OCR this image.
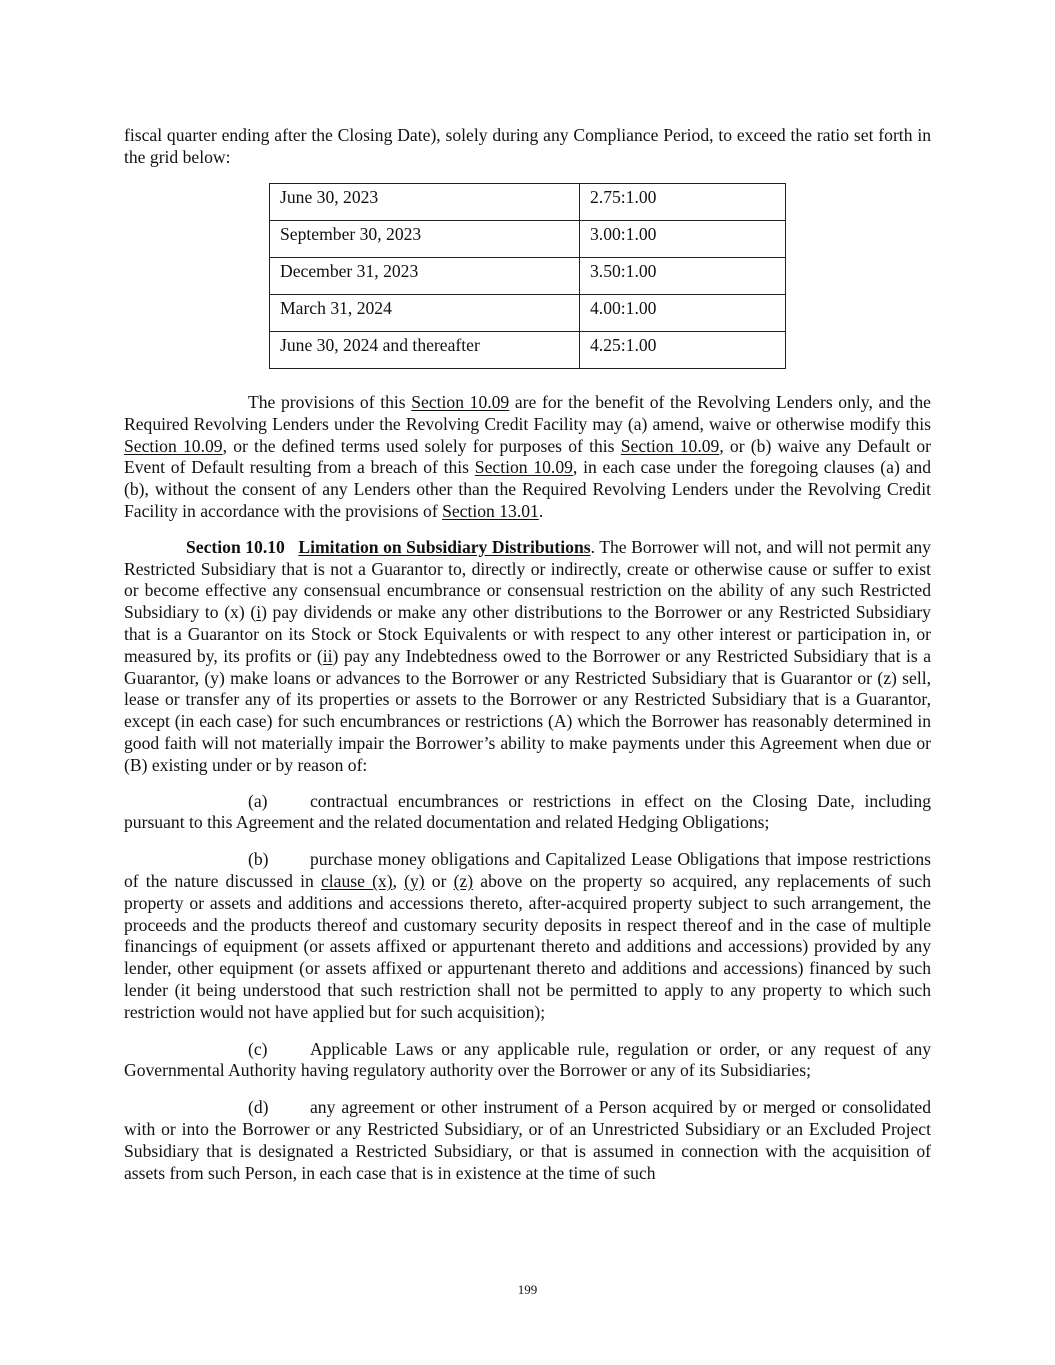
fiscal quarter ending after the Closing Date), solely during any Compliance Period, to exceed the ratio set forth in the grid below:

June 30, 2023	2.75:1.00
September 30, 2023	3.00:1.00
December 31, 2023	3.50:1.00
March 31, 2024	4.00:1.00
June 30, 2024 and thereafter	4.25:1.00

The provisions of this Section 10.09 are for the benefit of the Revolving Lenders only, and the Required Revolving Lenders under the Revolving Credit Facility may (a) amend, waive or otherwise modify this Section 10.09, or the defined terms used solely for purposes of this Section 10.09, or (b) waive any Default or Event of Default resulting from a breach of this Section 10.09, in each case under the foregoing clauses (a) and (b), without the consent of any Lenders other than the Required Revolving Lenders under the Revolving Credit Facility in accordance with the provisions of Section 13.01.

Section 10.10 Limitation on Subsidiary Distributions. The Borrower will not, and will not permit any Restricted Subsidiary that is not a Guarantor to, directly or indirectly, create or otherwise cause or suffer to exist or become effective any consensual encumbrance or consensual restriction on the ability of any such Restricted Subsidiary to (x) (i) pay dividends or make any other distributions to the Borrower or any Restricted Subsidiary that is a Guarantor on its Stock or Stock Equivalents or with respect to any other interest or participation in, or measured by, its profits or (ii) pay any Indebtedness owed to the Borrower or any Restricted Subsidiary that is a Guarantor, (y) make loans or advances to the Borrower or any Restricted Subsidiary that is Guarantor or (z) sell, lease or transfer any of its properties or assets to the Borrower or any Restricted Subsidiary that is a Guarantor, except (in each case) for such encumbrances or restrictions (A) which the Borrower has reasonably determined in good faith will not materially impair the Borrower’s ability to make payments under this Agreement when due or (B) existing under or by reason of:

(a) contractual encumbrances or restrictions in effect on the Closing Date, including pursuant to this Agreement and the related documentation and related Hedging Obligations;

(b) purchase money obligations and Capitalized Lease Obligations that impose restrictions of the nature discussed in clause (x), (y) or (z) above on the property so acquired, any replacements of such property or assets and additions and accessions thereto, after-acquired property subject to such arrangement, the proceeds and the products thereof and customary security deposits in respect thereof and in the case of multiple financings of equipment (or assets affixed or appurtenant thereto and additions and accessions) provided by any lender, other equipment (or assets affixed or appurtenant thereto and additions and accessions) financed by such lender (it being understood that such restriction shall not be permitted to apply to any property to which such restriction would not have applied but for such acquisition);

(c) Applicable Laws or any applicable rule, regulation or order, or any request of any Governmental Authority having regulatory authority over the Borrower or any of its Subsidiaries;

(d) any agreement or other instrument of a Person acquired by or merged or consolidated with or into the Borrower or any Restricted Subsidiary, or of an Unrestricted Subsidiary or an Excluded Project Subsidiary that is designated a Restricted Subsidiary, or that is assumed in connection with the acquisition of assets from such Person, in each case that is in existence at the time of such

199
